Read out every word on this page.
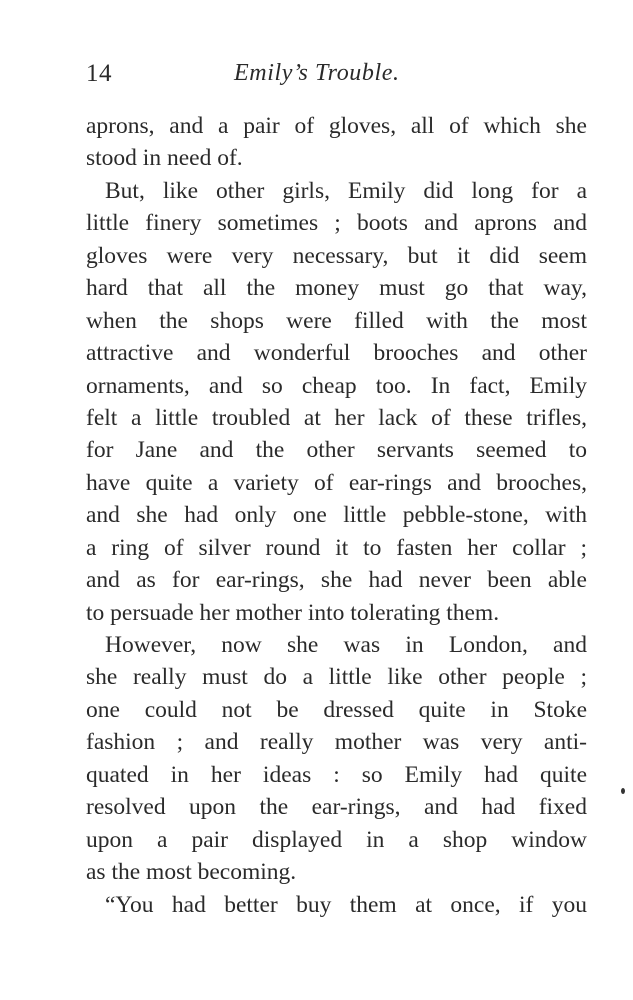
14	Emily’s Trouble.
aprons, and a pair of gloves, all of which she
stood in need of.
But, like other girls, Emily did long for a
little finery sometimes ; boots and aprons and
gloves were very necessary, but it did seem
hard that all the money must go that way,
when the shops were filled with the most
attractive and wonderful brooches and other
ornaments, and so cheap too. In fact, Emily
felt a little troubled at her lack of these trifles,
for Jane and the other servants seemed to
have quite a variety of ear-rings and brooches,
and she had only one little pebble-stone, with
a ring of silver round it to fasten her collar ;
and as for ear-rings, she had never been able
to persuade her mother into tolerating them.
However, now she was in London, and
she really must do a little like other people ;
one could not be dressed quite in Stoke
fashion ; and really mother was very anti-
quated in her ideas : so Emily had quite
resolved upon the ear-rings, and had fixed
upon a pair displayed in a shop window
as the most becoming.
“You had better buy them at once, if you
